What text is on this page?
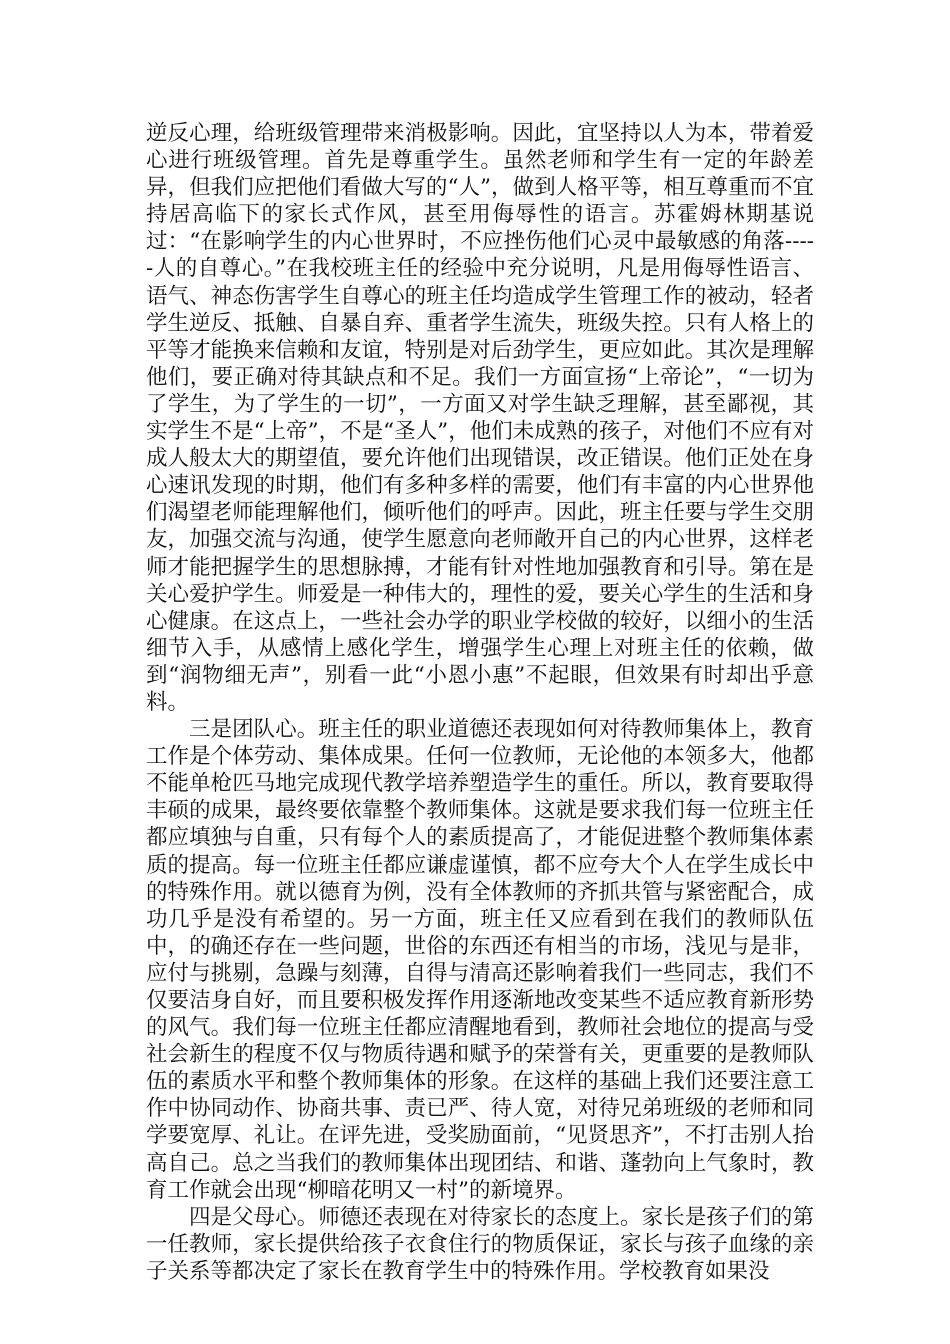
逆反心理，给班级管理带来消极影响。因此，宜坚持以人为本，带着爱心进行班级管理。首先是尊重学生。虽然老师和学生有一定的年龄差异，但我们应把他们看做大写的“人”，做到人格平等，相互尊重而不宜持居高临下的家长式作风，甚至用侮辱性的语言。苏霍姆林期基说过：“在影响学生的内心世界时，不应挫伤他们心灵中最敏感的角落-----人的自尊心。”在我校班主任的经验中充分说明，凡是用侮辱性语言、语气、神态伤害学生自尊心的班主任均造成学生管理工作的被动，轻者学生逆反、抵触、自暴自弃、重者学生流失，班级失控。只有人格上的平等才能换来信赖和友谊，特别是对后劲学生，更应如此。其次是理解他们，要正确对待其缺点和不足。我们一方面宣扬“上帝论”，“一切为了学生，为了学生的一切”，一方面又对学生缺乏理解，甚至鄙视，其实学生不是“上帝”，不是“圣人”，他们未成熟的孩子，对他们不应有对成人般太大的期望值，要允许他们出现错误，改正错误。他们正处在身心速讯发现的时期，他们有多种多样的需要，他们有丰富的内心世界他们渴望老师能理解他们，倾听他们的呼声。因此，班主任要与学生交朋友，加强交流与沟通，使学生愿意向老师敞开自己的内心世界，这样老师才能把握学生的思想脉搏，才能有针对性地加强教育和引导。第在是关心爱护学生。师爱是一种伟大的，理性的爱，要关心学生的生活和身心健康。在这点上，一些社会办学的职业学校做的较好，以细小的生活细节入手，从感情上感化学生，增强学生心理上对班主任的依赖，做到“润物细无声”，别看一此“小恩小惠”不起眼，但效果有时却出乎意料。

三是团队心。班主任的职业道德还表现如何对待教师集体上，教育工作是个体劳动、集体成果。任何一位教师，无论他的本领多大，他都不能单枪匹马地完成现代教学培养塑造学生的重任。所以，教育要取得丰硕的成果，最终要依靠整个教师集体。这就是要求我们每一位班主任都应填独与自重，只有每个人的素质提高了，才能促进整个教师集体素质的提高。每一位班主任都应谦虚谨慎，都不应夸大个人在学生成长中的特殊作用。就以德育为例，没有全体教师的齐抓共管与紧密配合，成功几乎是没有希望的。另一方面，班主任又应看到在我们的教师队伍中，的确还存在一些问题，世俗的东西还有相当的市场，浅见与是非，应付与挑剔，急躁与刻薄，自得与清高还影响着我们一些同志，我们不仅要洁身自好，而且要积极发挥作用逐渐地改变某些不适应教育新形势的风气。我们每一位班主任都应清醒地看到，教师社会地位的提高与受社会新生的程度不仅与物质待遇和赋予的荣誉有关，更重要的是教师队伍的素质水平和整个教师集体的形象。在这样的基础上我们还要注意工作中协同动作、协商共事、责已严、待人宽，对待兄弟班级的老师和同学要宽厚、礼让。在评先进，受奖励面前，“见贤思齐”，不打击别人抬高自己。总之当我们的教师集体出现团结、和谐、蓬勃向上气象时，教育工作就会出现“柳暗花明又一村”的新境界。

四是父母心。师德还表现在对待家长的态度上。家长是孩子们的第一任教师，家长提供给孩子衣食住行的物质保证，家长与孩子血缘的亲子关系等都决定了家长在教育学生中的特殊作用。学校教育如果没
